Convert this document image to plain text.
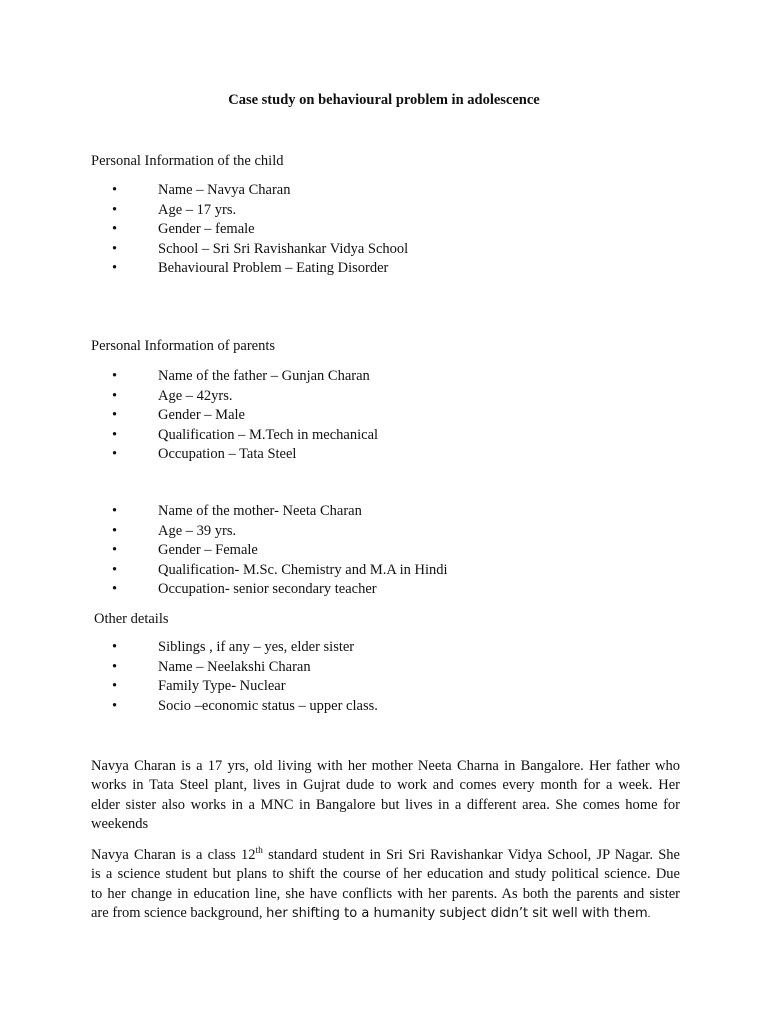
Case study on behavioural problem in adolescence
Personal Information of the child
•	Name – Navya Charan
•	Age – 17 yrs.
•	Gender – female
•	School – Sri Sri Ravishankar Vidya School
•	Behavioural Problem – Eating Disorder
Personal Information of parents
•	Name of the father – Gunjan Charan
•	Age – 42yrs.
•	Gender – Male
•	Qualification – M.Tech in mechanical
•	Occupation – Tata Steel
•	Name of the mother- Neeta Charan
•	Age – 39 yrs.
•	Gender – Female
•	Qualification- M.Sc. Chemistry and M.A in Hindi
•	Occupation- senior secondary teacher
Other details
•	Siblings , if any – yes, elder sister
•	Name – Neelakshi Charan
•	Family Type- Nuclear
•	Socio –economic status – upper class.
Navya Charan is a 17 yrs, old living with her mother Neeta Charna in Bangalore. Her father who
works in Tata Steel plant, lives in Gujrat dude to work and comes every month for a week. Her
elder sister also works in a MNC in Bangalore but lives in a different area. She comes home for
weekends
Navya Charan is a class 12th standard student in Sri Sri Ravishankar Vidya School, JP Nagar. She
is a science student but plans to shift the course of her education and study political science. Due
to her change in education line, she have conflicts with her parents. As both the parents and sister
are from science background, her shifting to a humanity subject didn’t sit well with them.
